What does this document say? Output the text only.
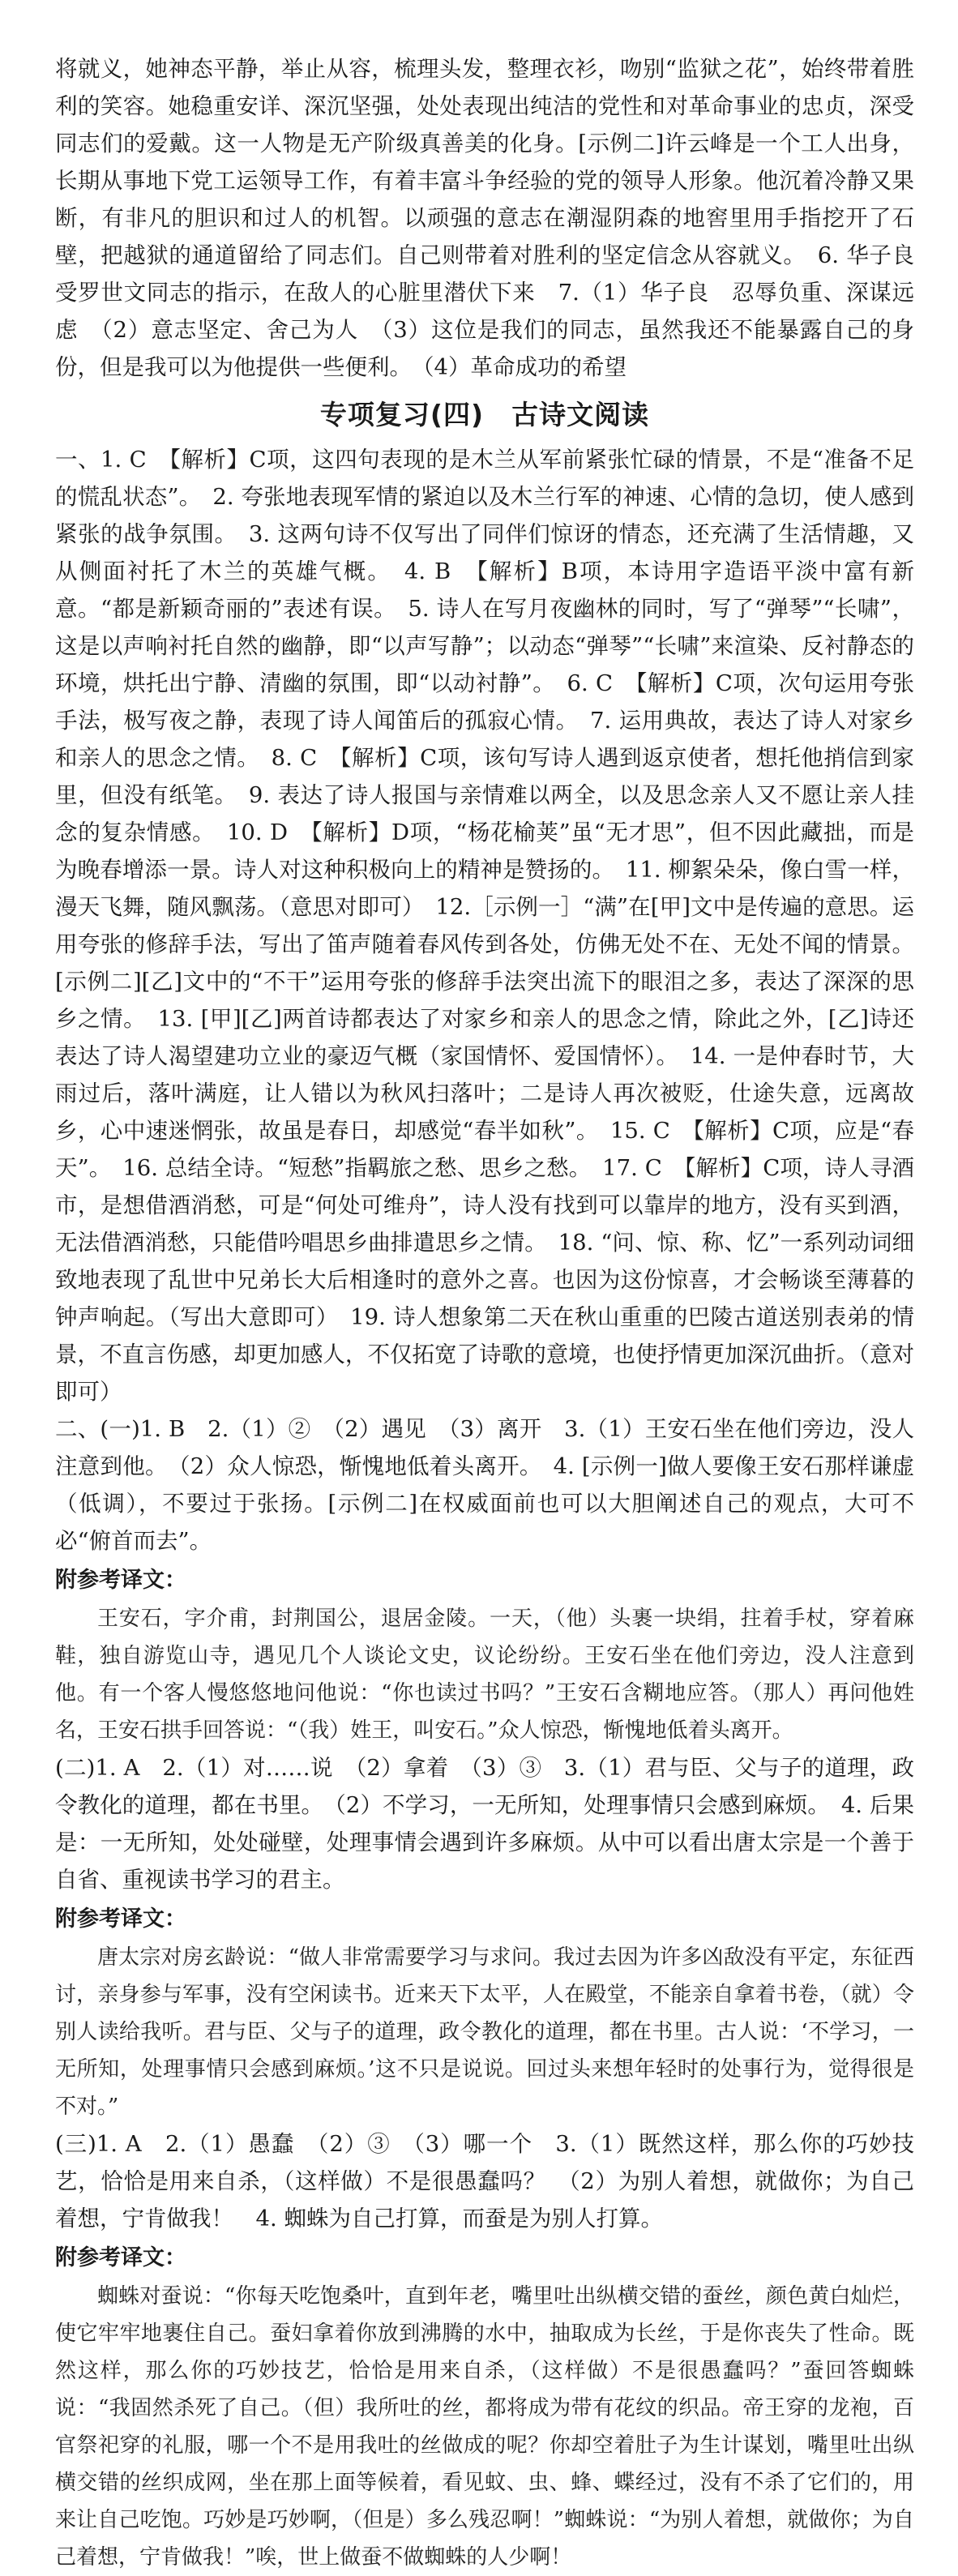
将就义，她神态平静，举止从容，梳理头发，整理衣衫，吻别“监狱之花”，始终带着胜利的笑容。她稳重安详、深沉坚强，处处表现出纯洁的党性和对革命事业的忠贞，深受同志们的爱戴。这一人物是无产阶级真善美的化身。[示例二]许云峰是一个工人出身，长期从事地下党工运领导工作，有着丰富斗争经验的党的领导人形象。他沉着冷静又果断，有非凡的胆识和过人的机智。以顽强的意志在潮湿阴森的地窖里用手指挖开了石壁，把越狱的通道留给了同志们。自己则带着对胜利的坚定信念从容就义。　6. 华子良　受罗世文同志的指示，在敌人的心脏里潜伏下来　7.（1）华子良　忍辱负重、深谋远虑　（2）意志坚定、舍己为人　（3）这位是我们的同志，虽然我还不能暴露自己的身份，但是我可以为他提供一些便利。　（4）革命成功的希望

专项复习(四)　古诗文阅读

一、1. C　【解析】C项，这四句表现的是木兰从军前紧张忙碌的情景，不是“准备不足的慌乱状态”。　2. 夸张地表现军情的紧迫以及木兰行军的神速、心情的急切，使人感到紧张的战争氛围。　3. 这两句诗不仅写出了同伴们惊讶的情态，还充满了生活情趣，又从侧面衬托了木兰的英雄气概。　4. B　【解析】B项，本诗用字造语平淡中富有新意。“都是新颖奇丽的”表述有误。　5. 诗人在写月夜幽林的同时，写了“弹琴”“长啸”，这是以声响衬托自然的幽静，即“以声写静”；以动态“弹琴”“长啸”来渲染、反衬静态的环境，烘托出宁静、清幽的氛围，即“以动衬静”。　6. C　【解析】C项，次句运用夸张手法，极写夜之静，表现了诗人闻笛后的孤寂心情。　7. 运用典故，表达了诗人对家乡和亲人的思念之情。　8. C　【解析】C项，该句写诗人遇到返京使者，想托他捎信到家里，但没有纸笔。　9. 表达了诗人报国与亲情难以两全，以及思念亲人又不愿让亲人挂念的复杂情感。　10. D　【解析】D项，“杨花榆荚”虽“无才思”，但不因此藏拙，而是为晚春增添一景。诗人对这种积极向上的精神是赞扬的。　11. 柳絮朵朵，像白雪一样，漫天飞舞，随风飘荡。（意思对即可）　12.［示例一］“满”在[甲]文中是传遍的意思。运用夸张的修辞手法，写出了笛声随着春风传到各处，仿佛无处不在、无处不闻的情景。[示例二][乙]文中的“不干”运用夸张的修辞手法突出流下的眼泪之多，表达了深深的思乡之情。　13. [甲][乙]两首诗都表达了对家乡和亲人的思念之情，除此之外，[乙]诗还表达了诗人渴望建功立业的豪迈气概（家国情怀、爱国情怀）。　14. 一是仲春时节，大雨过后，落叶满庭，让人错以为秋风扫落叶；二是诗人再次被贬，仕途失意，远离故乡，心中速迷惘张，故虽是春日，却感觉“春半如秋”。　15. C　【解析】C项，应是“春天”。　16. 总结全诗。“短愁”指羁旅之愁、思乡之愁。　17. C　【解析】C项，诗人寻酒市，是想借酒消愁，可是“何处可维舟”，诗人没有找到可以靠岸的地方，没有买到酒，无法借酒消愁，只能借吟唱思乡曲排遣思乡之情。　18. “问、惊、称、忆”一系列动词细致地表现了乱世中兄弟长大后相逢时的意外之喜。也因为这份惊喜，才会畅谈至薄暮的钟声响起。（写出大意即可）　19. 诗人想象第二天在秋山重重的巴陵古道送别表弟的情景，不直言伤感，却更加感人，不仅拓宽了诗歌的意境，也使抒情更加深沉曲折。（意对即可）

二、(一)1. B　2.（1）②　（2）遇见　（3）离开　3.（1）王安石坐在他们旁边，没人注意到他。　（2）众人惊恐，惭愧地低着头离开。　4. [示例一]做人要像王安石那样谦虚（低调），不要过于张扬。[示例二]在权威面前也可以大胆阐述自己的观点，大可不必“俯首而去”。

附参考译文：

王安石，字介甫，封荆国公，退居金陵。一天，（他）头裹一块绢，拄着手杖，穿着麻鞋，独自游览山寺，遇见几个人谈论文史，议论纷纷。王安石坐在他们旁边，没人注意到他。有一个客人慢悠悠地问他说：“你也读过书吗？”王安石含糊地应答。（那人）再问他姓名，王安石拱手回答说：“（我）姓王，叫安石。”众人惊恐，惭愧地低着头离开。

(二)1. A　2.（1）对……说　（2）拿着　（3）③　3.（1）君与臣、父与子的道理，政令教化的道理，都在书里。　（2）不学习，一无所知，处理事情只会感到麻烦。　4. 后果是：一无所知，处处碰壁，处理事情会遇到许多麻烦。从中可以看出唐太宗是一个善于自省、重视读书学习的君主。

附参考译文：

唐太宗对房玄龄说：“做人非常需要学习与求问。我过去因为许多凶敌没有平定，东征西讨，亲身参与军事，没有空闲读书。近来天下太平，人在殿堂，不能亲自拿着书卷，（就）令别人读给我听。君与臣、父与子的道理，政令教化的道理，都在书里。古人说：‘不学习，一无所知，处理事情只会感到麻烦。’这不只是说说。回过头来想年轻时的处事行为，觉得很是不对。”

(三)1. A　2.（1）愚蠢　（2）③　（3）哪一个　3.（1）既然这样，那么你的巧妙技艺，恰恰是用来自杀，（这样做）不是很愚蠢吗？　（2）为别人着想，就做你；为自己着想，宁肯做我！　4. 蜘蛛为自己打算，而蚕是为别人打算。

附参考译文：

蜘蛛对蚕说：“你每天吃饱桑叶，直到年老，嘴里吐出纵横交错的蚕丝，颜色黄白灿烂，使它牢牢地裹住自己。蚕妇拿着你放到沸腾的水中，抽取成为长丝，于是你丧失了性命。既然这样，那么你的巧妙技艺，恰恰是用来自杀，（这样做）不是很愚蠢吗？”蚕回答蜘蛛说：“我固然杀死了自己。（但）我所吐的丝，都将成为带有花纹的织品。帝王穿的龙袍，百官祭祀穿的礼服，哪一个不是用我吐的丝做成的呢？你却空着肚子为生计谋划，嘴里吐出纵横交错的丝织成网，坐在那上面等候着，看见蚊、虫、蜂、蝶经过，没有不杀了它们的，用来让自己吃饱。巧妙是巧妙啊，（但是）多么残忍啊！”蜘蛛说：“为别人着想，就做你；为自己着想，宁肯做我！”唉，世上做蚕不做蜘蛛的人少啊！
